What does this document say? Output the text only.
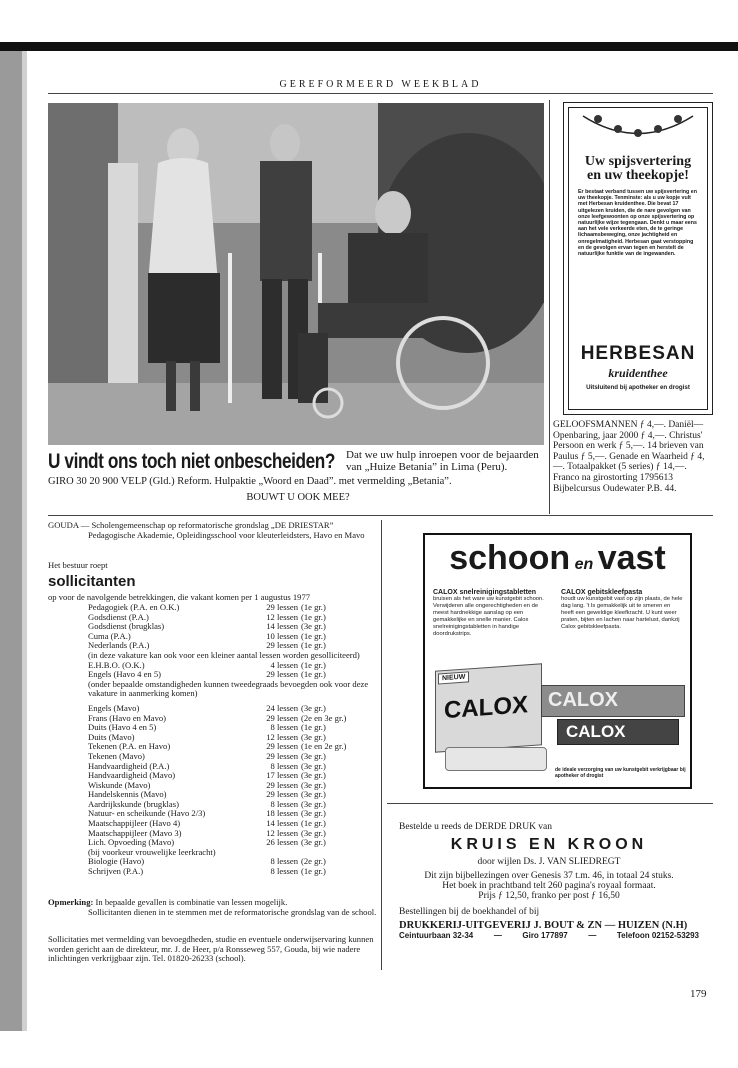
GEREFORMEERD WEEKBLAD
U vindt ons toch niet onbescheiden? Dat we uw hulp inroepen voor de bejaarden van „Huize Betania” in Lima (Peru).
GIRO 30 20 900 VELP (Gld.) Reform. Hulpaktie „Woord en Daad”. met vermelding „Betania”.
BOUWT U OOK MEE?
Uw spijsvertering
en uw theekopje!
Er bestaat verband tussen uw spijsvertering en uw theekopje. Tenminste: als u uw kopje vult met Herbesan kruidenthee. Die bevat 17 uitgelezen kruiden, die de nare gevolgen van onze leefgewoonten op onze spijsvertering op natuurlijke wijze tegengaan. Denkt u maar eens aan het vele verkeerde eten, de te geringe lichaamsbeweging, onze jachtigheid en onregelmatigheid. Herbesan gaat verstopping en de gevolgen ervan tegen en herstelt de natuurlijke funktie van de ingewanden.
HERBESAN
kruidenthee
Uitsluitend bij apotheker en drogist
GELOOFSMANNEN ƒ 4,—. Daniël—Openbaring, jaar 2000 ƒ 4,—. Christus' Persoon en werk ƒ 5,—. 14 brieven van Paulus ƒ 5,—. Genade en Waarheid ƒ 4,—. Totaalpakket (5 series) ƒ 14,—. Franco na girostorting 1795613 Bijbelcursus Oudewater P.B. 44.
GOUDA — Scholengemeenschap op reformatorische grondslag „DE DRIESTAR”
Pedagogische Akademie, Opleidingsschool voor kleuterleidsters, Havo en Mavo
Het bestuur roept
sollicitanten
op voor de navolgende betrekkingen, die vakant komen per 1 augustus 1977
Pedagogiek (P.A. en O.K.)	29 lessen (1e gr.)
Godsdienst (P.A.)	12 lessen (1e gr.)
Godsdienst (brugklas)	14 lessen (3e gr.)
Cuma (P.A.)	10 lessen (1e gr.)
Nederlands (P.A.)	29 lessen (1e gr.)
(in deze vakature kan ook voor een kleiner aantal lessen worden gesolliciteerd)
E.H.B.O. (O.K.)	4 lessen (1e gr.)
Engels (Havo 4 en 5)	29 lessen (1e gr.)
(onder bepaalde omstandigheden kunnen tweedegraads bevoegden ook voor deze vakature in aanmerking komen)
Engels (Mavo)	24 lessen (3e gr.)
Frans (Havo en Mavo)	29 lessen (2e en 3e gr.)
Duits (Havo 4 en 5)	8 lessen (1e gr.)
Duits (Mavo)	12 lessen (3e gr.)
Tekenen (P.A. en Havo)	29 lessen (1e en 2e gr.)
Tekenen (Mavo)	29 lessen (3e gr.)
Handvaardigheid (P.A.)	8 lessen (3e gr.)
Handvaardigheid (Mavo)	17 lessen (3e gr.)
Wiskunde (Mavo)	29 lessen (3e gr.)
Handelskennis (Mavo)	29 lessen (3e gr.)
Aardrijkskunde (brugklas)	8 lessen (3e gr.)
Natuur- en scheikunde (Havo 2/3)	18 lessen (3e gr.)
Maatschappijleer (Havo 4)	14 lessen (1e gr.)
Maatschappijleer (Mavo 3)	12 lessen (3e gr.)
Lich. Opvoeding (Mavo)	26 lessen (3e gr.)
(bij voorkeur vrouwelijke leerkracht)
Biologie (Havo)	8 lessen (2e gr.)
Schrijven (P.A.)	8 lessen (1e gr.)
Opmerking: In bepaalde gevallen is combinatie van lessen mogelijk.
Sollicitanten dienen in te stemmen met de reformatorische grondslag van de school.
Sollicitaties met vermelding van bevoegdheden, studie en eventuele onderwijservaring kunnen worden gericht aan de direkteur, mr. J. de Heer, p/a Ronsseweg 557, Gouda, bij wie nadere inlichtingen verkrijgbaar zijn. Tel. 01820-26233 (school).
schoon en vast
CALOX snelreinigingstabletten
bruisen als het ware uw kunstgebit schoon. Verwijderen alle ongerechtigheden en de meest hardnekkige aanslag op een gemakkelijke en snelle manier. Calox snelreinigingstabletten in handige doordrukstrips.
CALOX gebitskleefpasta
houdt uw kunstgebit vast op zijn plaats, de hele dag lang. 't Is gemakkelijk uit te smeren en heeft een geweldige kleefkracht. U kunt weer praten, bijten en lachen naar hartelust, dankzij Calox gebitskleefpasta.
NIEUW
CALOX CALOX
CALOX
de ideale verzorging van uw kunstgebit verkrijgbaar bij apotheker of drogist
Bestelde u reeds de DERDE DRUK van
KRUIS EN KROON
door wijlen Ds. J. VAN SLIEDREGT
Dit zijn bijbellezingen over Genesis 37 t.m. 46, in totaal 24 stuks.
Het boek in prachtband telt 260 pagina's royaal formaat.
Prijs ƒ 12,50, franko per post ƒ 16,50
Bestellingen bij de boekhandel of bij
DRUKKERIJ-UITGEVERIJ J. BOUT & ZN — HUIZEN (N.H)
Ceintuurbaan 32-34	—	Giro 177897	—	Telefoon 02152-53293
179
